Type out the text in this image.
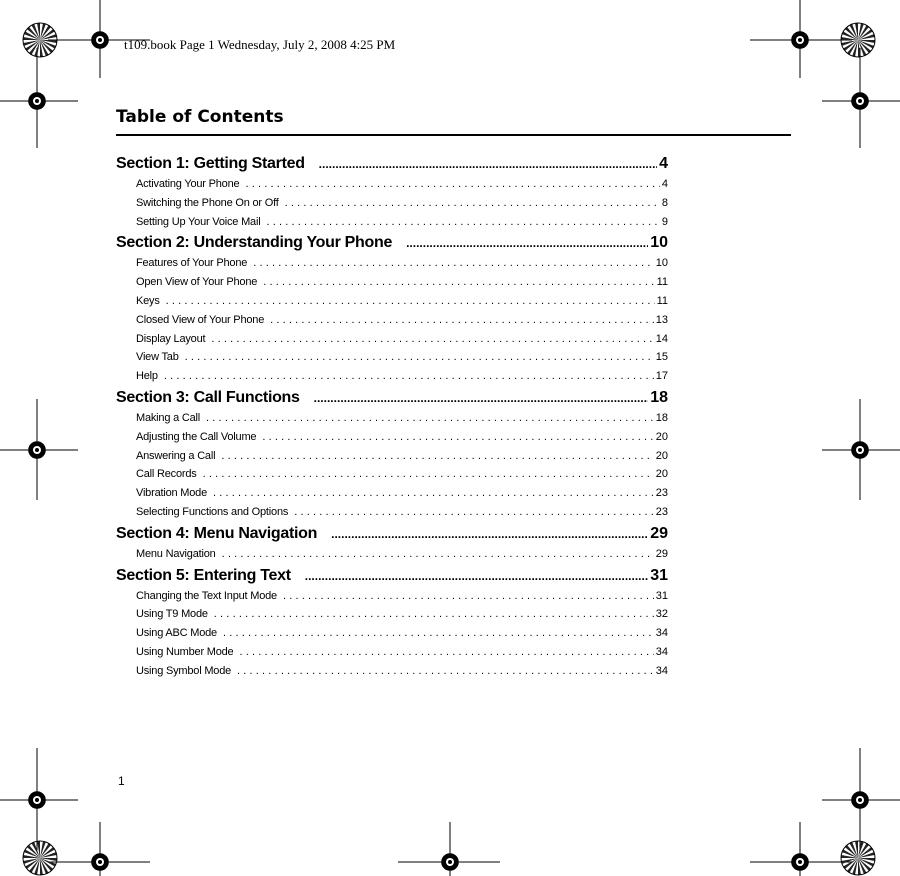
t109.book Page 1 Wednesday, July 2, 2008 4:25 PM
Table of Contents
Section 1: Getting Started .....	4
Activating Your Phone .....	4
Switching the Phone On or Off .....	8
Setting Up Your Voice Mail .....	9
Section 2: Understanding Your Phone .....	10
Features of Your Phone .....	10
Open View of Your Phone .....	11
Keys .....	11
Closed View of Your Phone .....	13
Display Layout .....	14
View Tab .....	15
Help .....	17
Section 3: Call Functions .....	18
Making a Call .....	18
Adjusting the Call Volume .....	20
Answering a Call .....	20
Call Records .....	20
Vibration Mode .....	23
Selecting Functions and Options .....	23
Section 4: Menu Navigation .....	29
Menu Navigation .....	29
Section 5: Entering Text .....	31
Changing the Text Input Mode .....	31
Using T9 Mode .....	32
Using ABC Mode .....	34
Using Number Mode .....	34
Using Symbol Mode .....	34
1
